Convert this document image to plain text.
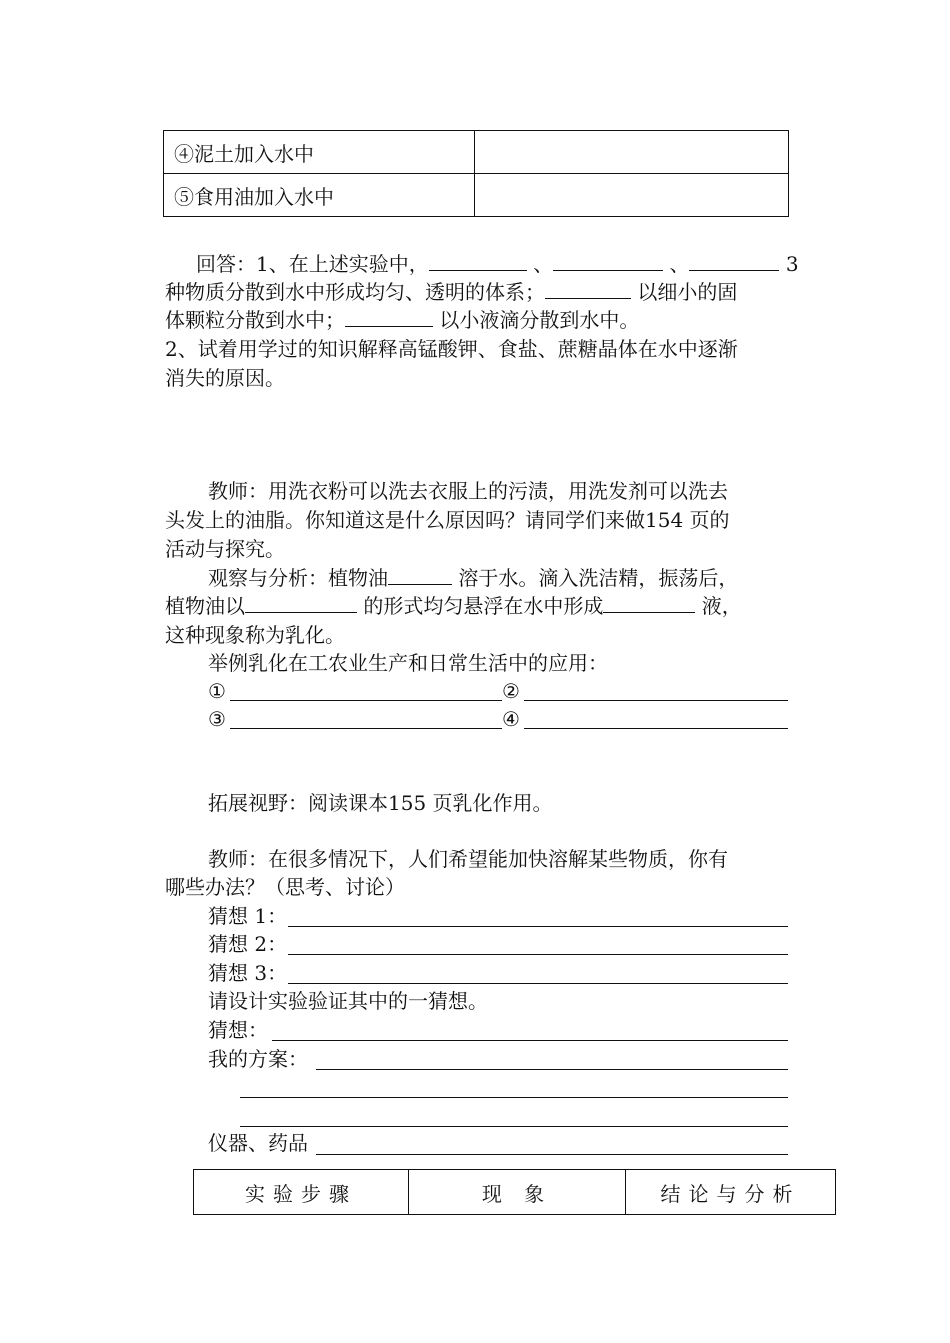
④泥土加入水中	
⑤食用油加入水中	
回答：1、在上述实验中，	、	、	3
种物质分散到水中形成均匀、透明的体系；	以细小的固
体颗粒分散到水中；	以小液滴分散到水中。
2、试着用学过的知识解释高锰酸钾、食盐、蔗糖晶体在水中逐渐
消失的原因。
教师：用洗衣粉可以洗去衣服上的污渍，用洗发剂可以洗去
头发上的油脂。你知道这是什么原因吗？请同学们来做154 页的
活动与探究。
观察与分析：植物油	溶于水。滴入洗洁精，振荡后，
植物油以	的形式均匀悬浮在水中形成	液，
这种现象称为乳化。
举例乳化在工农业生产和日常生活中的应用：
①	②
③	④
拓展视野：阅读课本155 页乳化作用。
教师：在很多情况下，人们希望能加快溶解某些物质，你有
哪些办法？（思考、讨论）
猜想 1：
猜想 2：
猜想 3：
请设计实验验证其中的一猜想。
猜想：
我的方案：
仪器、药品
实验步骤	现 象	结论与分析
